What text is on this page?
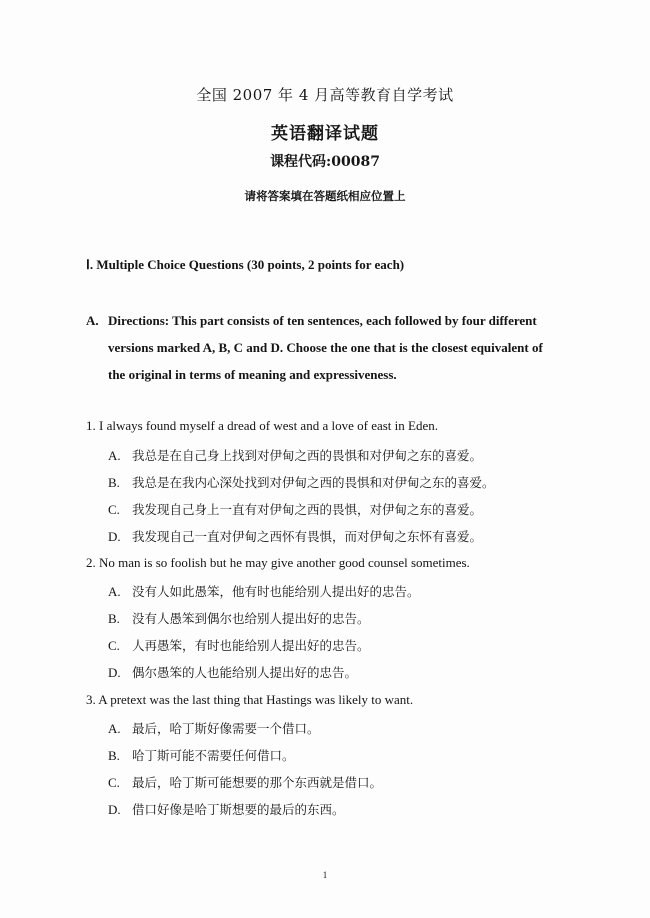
全国 2007 年 4 月高等教育自学考试
英语翻译试题
课程代码:00087
请将答案填在答题纸相应位置上
Ⅰ. Multiple Choice Questions (30 points, 2 points for each)
A. Directions: This part consists of ten sentences, each followed by four different
versions marked A, B, C and D. Choose the one that is the closest equivalent of
the original in terms of meaning and expressiveness.
1. I always found myself a dread of west and a love of east in Eden.
A. 我总是在自己身上找到对伊甸之西的畏惧和对伊甸之东的喜爱。
B. 我总是在我内心深处找到对伊甸之西的畏惧和对伊甸之东的喜爱。
C. 我发现自己身上一直有对伊甸之西的畏惧，对伊甸之东的喜爱。
D. 我发现自己一直对伊甸之西怀有畏惧，而对伊甸之东怀有喜爱。
2. No man is so foolish but he may give another good counsel sometimes.
A. 没有人如此愚笨，他有时也能给别人提出好的忠告。
B. 没有人愚笨到偶尔也给别人提出好的忠告。
C. 人再愚笨，有时也能给别人提出好的忠告。
D. 偶尔愚笨的人也能给别人提出好的忠告。
3. A pretext was the last thing that Hastings was likely to want.
A. 最后，哈丁斯好像需要一个借口。
B. 哈丁斯可能不需要任何借口。
C. 最后，哈丁斯可能想要的那个东西就是借口。
D. 借口好像是哈丁斯想要的最后的东西。
1
